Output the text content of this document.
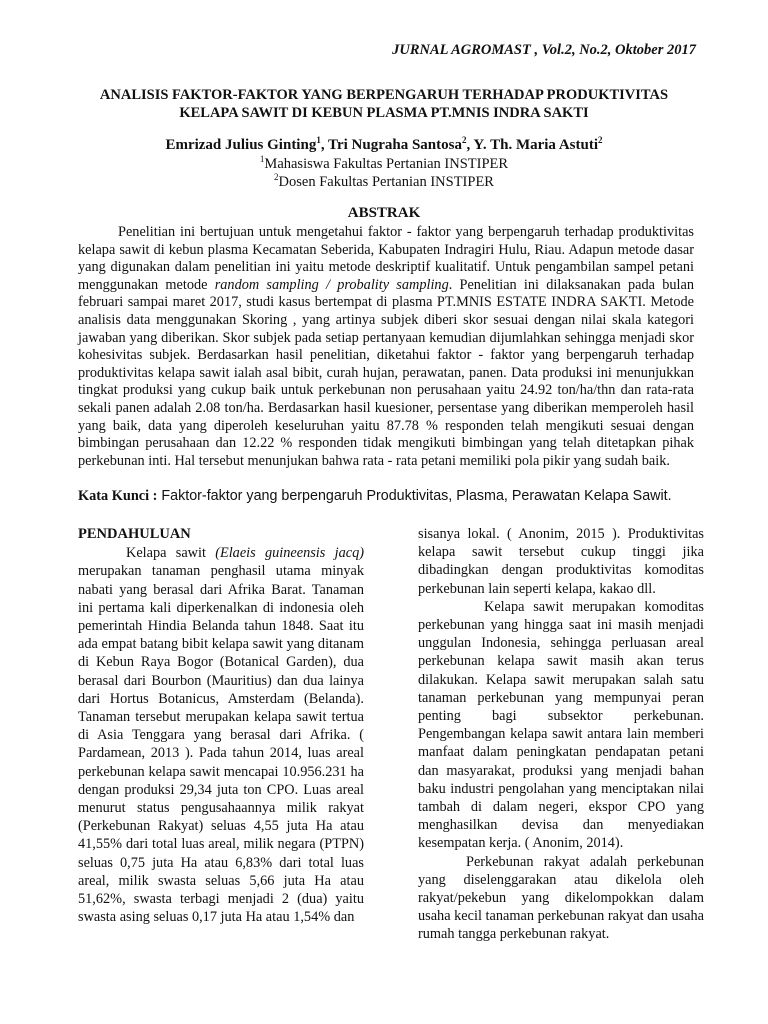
JURNAL AGROMAST , Vol.2, No.2, Oktober 2017
ANALISIS FAKTOR-FAKTOR YANG BERPENGARUH TERHADAP PRODUKTIVITAS
KELAPA SAWIT DI KEBUN PLASMA PT.MNIS INDRA SAKTI
Emrizad Julius Ginting$^1$, Tri Nugraha Santosa$^2$, Y. Th. Maria Astuti$^2$
$^1$Mahasiswa Fakultas Pertanian INSTIPER
$^2$Dosen Fakultas Pertanian INSTIPER
ABSTRAK

Penelitian ini bertujuan untuk mengetahui faktor - faktor yang berpengaruh terhadap produktivitas kelapa sawit di kebun plasma Kecamatan Seberida, Kabupaten Indragiri Hulu, Riau. Adapun metode dasar yang digunakan dalam penelitian ini yaitu metode deskriptif kualitatif. Untuk pengambilan sampel petani menggunakan metode random sampling / probality sampling. Penelitian ini dilaksanakan pada bulan februari sampai maret 2017, studi kasus bertempat di plasma PT.MNIS ESTATE INDRA SAKTI. Metode analisis data menggunakan Skoring , yang artinya subjek diberi skor sesuai dengan nilai skala kategori jawaban yang diberikan. Skor subjek pada setiap pertanyaan kemudian dijumlahkan sehingga menjadi skor kohesivitas subjek. Berdasarkan hasil penelitian, diketahui faktor - faktor yang berpengaruh terhadap produktivitas kelapa sawit ialah asal bibit, curah hujan, perawatan, panen. Data produksi ini menunjukkan tingkat produksi yang cukup baik untuk perkebunan non perusahaan yaitu 24.92 ton/ha/thn dan rata-rata sekali panen adalah 2.08 ton/ha. Berdasarkan hasil kuesioner, persentase yang diberikan memperoleh hasil yang baik, data yang diperoleh keseluruhan yaitu 87.78 % responden telah mengikuti sesuai dengan bimbingan perusahaan dan 12.22 % responden tidak mengikuti bimbingan yang telah ditetapkan pihak perkebunan inti. Hal tersebut menunjukan bahwa rata - rata petani memiliki pola pikir yang sudah baik.

Kata Kunci : Faktor-faktor yang berpengaruh Produktivitas, Plasma, Perawatan Kelapa Sawit.
PENDAHULUAN

Kelapa sawit (Elaeis guineensis jacq) merupakan tanaman penghasil utama minyak nabati yang berasal dari Afrika Barat. Tanaman ini pertama kali diperkenalkan di indonesia oleh pemerintah Hindia Belanda tahun 1848. Saat itu ada empat batang bibit kelapa sawit yang ditanam di Kebun Raya Bogor (Botanical Garden), dua berasal dari Bourbon (Mauritius) dan dua lainya dari Hortus Botanicus, Amsterdam (Belanda). Tanaman tersebut merupakan kelapa sawit tertua di Asia Tenggara yang berasal dari Afrika. ( Pardamean, 2013 ). Pada tahun 2014, luas areal perkebunan kelapa sawit mencapai 10.956.231 ha dengan produksi 29,34 juta ton CPO. Luas areal menurut status pengusahaannya milik rakyat (Perkebunan Rakyat) seluas 4,55 juta Ha atau 41,55% dari total luas areal, milik negara (PTPN) seluas 0,75 juta Ha atau 6,83% dari total luas areal, milik swasta seluas 5,66 juta Ha atau 51,62%, swasta terbagi menjadi 2 (dua) yaitu swasta asing seluas 0,17 juta Ha atau 1,54% dan

sisanya lokal. ( Anonim, 2015 ). Produktivitas kelapa sawit tersebut cukup tinggi jika dibadingkan dengan produktivitas komoditas perkebunan lain seperti kelapa, kakao dll.

Kelapa sawit merupakan komoditas perkebunan yang hingga saat ini masih menjadi unggulan Indonesia, sehingga perluasan areal perkebunan kelapa sawit masih akan terus dilakukan. Kelapa sawit merupakan salah satu tanaman perkebunan yang mempunyai peran penting bagi subsektor perkebunan. Pengembangan kelapa sawit antara lain memberi manfaat dalam peningkatan pendapatan petani dan masyarakat, produksi yang menjadi bahan baku industri pengolahan yang menciptakan nilai tambah di dalam negeri, ekspor CPO yang menghasilkan devisa dan menyediakan kesempatan kerja. ( Anonim, 2014).

Perkebunan rakyat adalah perkebunan yang diselenggarakan atau dikelola oleh rakyat/pekebun yang dikelompokkan dalam usaha kecil tanaman perkebunan rakyat dan usaha rumah tangga perkebunan rakyat.
